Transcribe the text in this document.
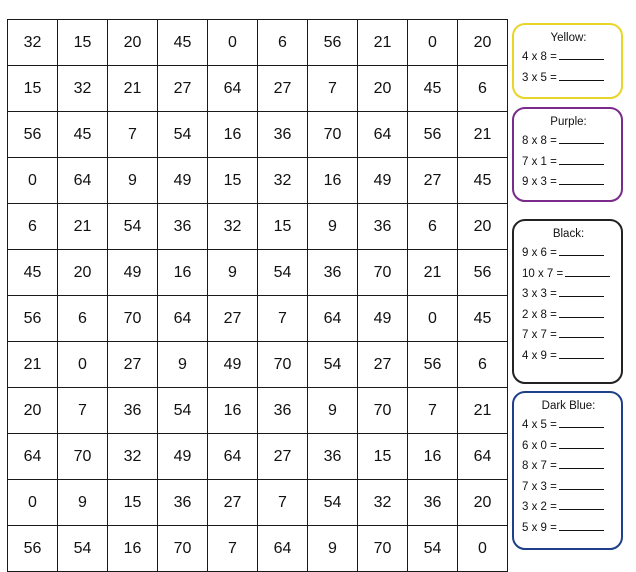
32	15	20	45	0	6	56	21	0	20
15	32	21	27	64	27	7	20	45	6
56	45	7	54	16	36	70	64	56	21
0	64	9	49	15	32	16	49	27	45
6	21	54	36	32	15	9	36	6	20
45	20	49	16	9	54	36	70	21	56
56	6	70	64	27	7	64	49	0	45
21	0	27	9	49	70	54	27	56	6
20	7	36	54	16	36	9	70	7	21
64	70	32	49	64	27	36	15	16	64
0	9	15	36	27	7	54	32	36	20
56	54	16	70	7	64	9	70	54	0
Yellow:
4 x 8 =
3 x 5 =
Purple:
8 x 8 =
7 x 1 =
9 x 3 =
Black:
9 x 6 =
10 x 7 =
3 x 3 =
2 x 8 =
7 x 7 =
4 x 9 =
Dark Blue:
4 x 5 =
6 x 0 =
8 x 7 =
7 x 3 =
3 x 2 =
5 x 9 =
